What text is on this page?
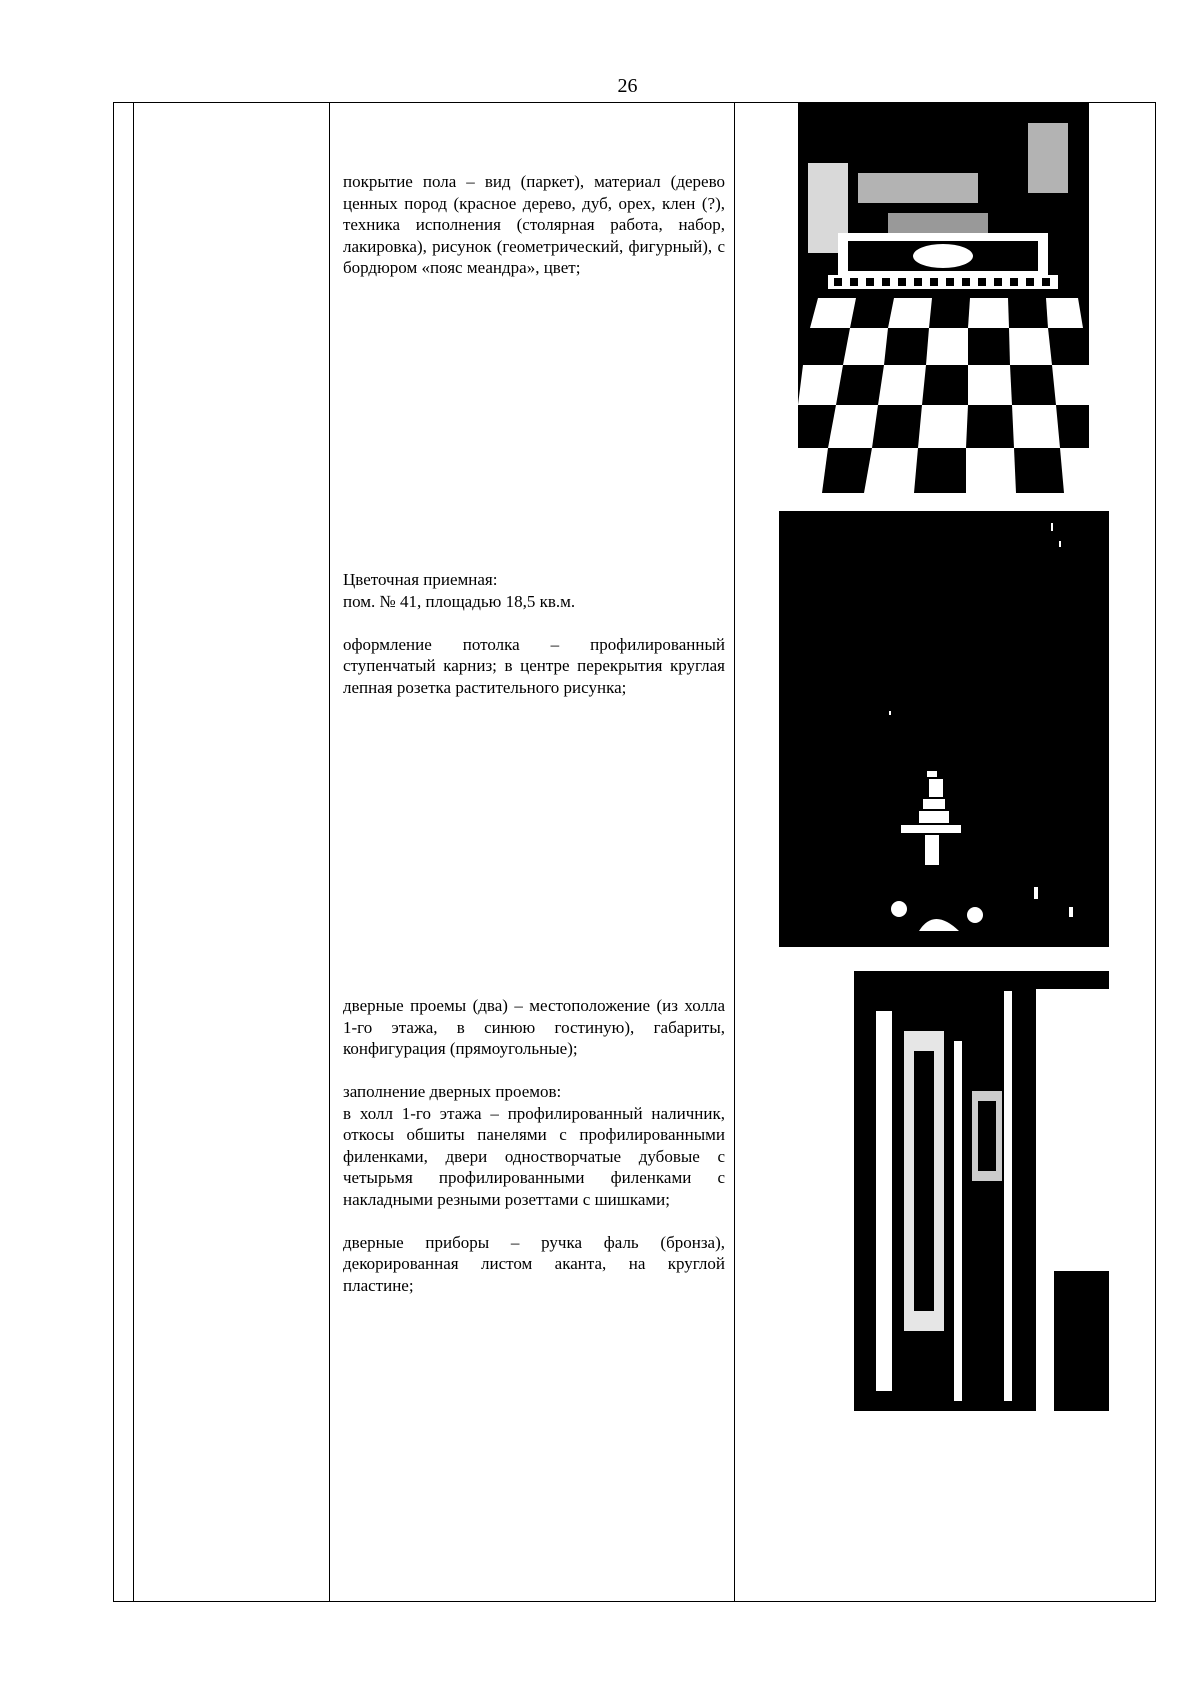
26

покрытие пола – вид (паркет), материал (дерево ценных пород (красное дерево, дуб, орех, клен (?), техника исполнения (столярная работа, набор, лакировка), рисунок (геометрический, фигурный), с бордюром «пояс меандра», цвет;

Цветочная приемная:

пом. № 41, площадью 18,5 кв.м.

оформление потолка – профилированный ступенчатый карниз; в центре перекрытия круглая лепная розетка растительного рисунка;

дверные проемы (два) – местоположение (из холла 1-го этажа, в синюю гостиную), габариты, конфигурация (прямоугольные);

заполнение дверных проемов:

в холл 1-го этажа – профилированный наличник, откосы обшиты панелями с профилированными филенками, двери одностворчатые дубовые с четырьмя профилированными филенками с накладными резными розеттами с шишками;

дверные приборы – ручка фаль (бронза), декорированная листом аканта, на круглой пластине;
